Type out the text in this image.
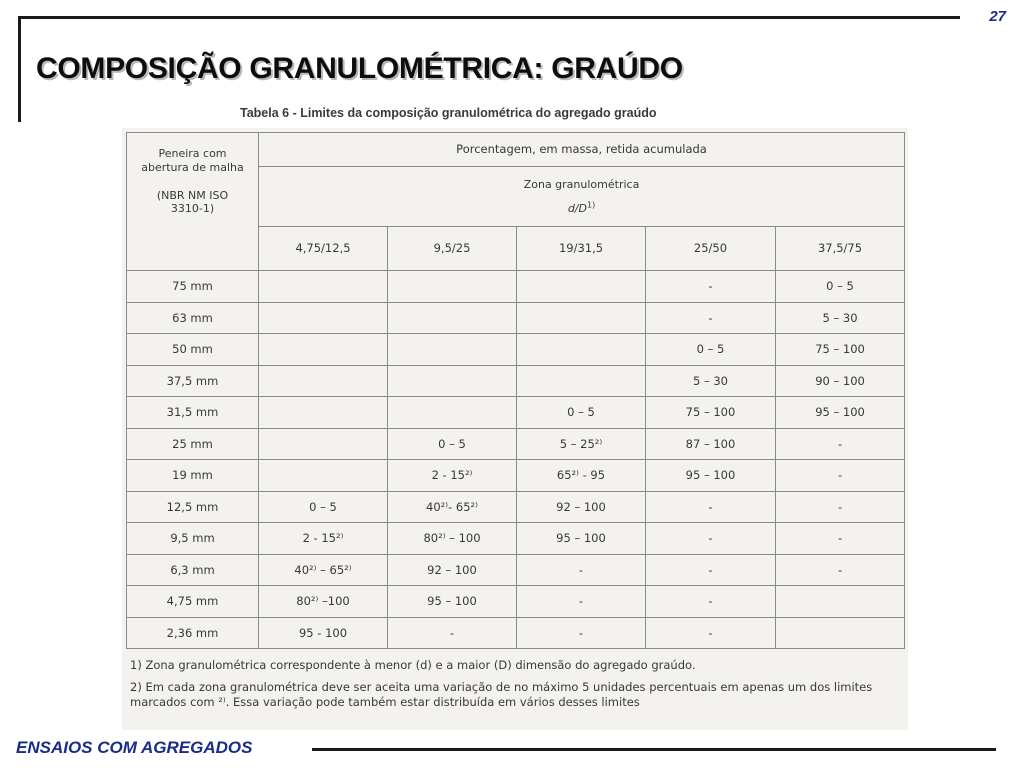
27
COMPOSIÇÃO GRANULOMÉTRICA: GRAÚDO
Tabela 6 - Limites da composição granulométrica do agregado graúdo
Peneira com
abertura de malha
(NBR NM ISO
3310-1)	Porcentagem, em massa, retida acumulada				

	Zona granulométrica
$d/D^{1)}$

	4,75/12,5	9,5/25	19/31,5	25/50	37,5/75
75 mm				-	0 – 5
63 mm				-	5 – 30
50 mm				0 – 5	75 – 100
37,5 mm				5 – 30	90 – 100
31,5 mm			0 – 5	75 – 100	95 – 100
25 mm		0 – 5	5 – 25²⁾	87 – 100	-
19 mm		2 - 15²⁾	65²⁾ - 95	95 – 100	-
12,5 mm	0 – 5	40²⁾- 65²⁾	92 – 100	-	-
9,5 mm	2 - 15²⁾	80²⁾ – 100	95 – 100	-	-
6,3 mm	40²⁾ – 65²⁾	92 – 100	-	-	-
4,75 mm	80²⁾ –100	95 – 100	-	-	
2,36 mm	95 - 100	-	-	-	

1) Zona granulométrica correspondente à menor (d) e a maior (D) dimensão do agregado graúdo.

2) Em cada zona granulométrica deve ser aceita uma variação de no máximo 5 unidades percentuais em apenas um dos limites marcados com ²⁾. Essa variação pode também estar distribuída em vários desses limites

ENSAIOS COM AGREGADOS
